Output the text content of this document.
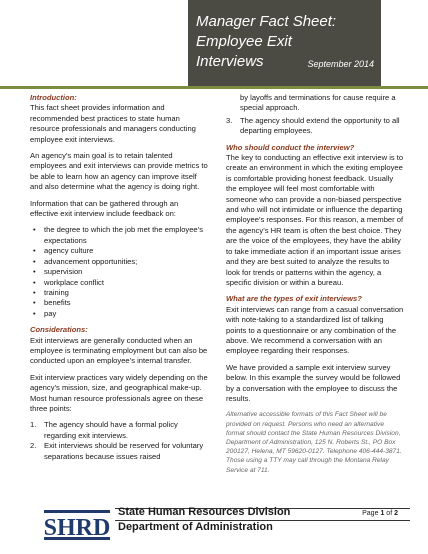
Manager Fact Sheet:
Employee Exit
Interviews	September 2014

Introduction:

This fact sheet provides information and recommended best practices to state human resource professionals and managers conducting employee exit interviews.

An agency’s main goal is to retain talented employees and exit interviews can provide metrics to be able to learn how an agency can improve itself and also determine what the agency is doing right.

Information that can be gathered through an effective exit interview include feedback on:

• the degree to which the job met the employee’s expectations
• agency culture
• advancement opportunities;
• supervision
• workplace conflict
• training
• benefits
• pay

Considerations:

Exit interviews are generally conducted when an employee is terminating employment but can also be conducted upon an employee’s internal transfer.

Exit interview practices vary widely depending on the agency’s mission, size, and geographical make-up. Most human resource professionals agree on these three points:

1. The agency should have a formal policy regarding exit interviews.
2. Exit interviews should be reserved for voluntary separations because issues raised

by layoffs and terminations for cause require a special approach.

3. The agency should extend the opportunity to all departing employees.

Who should conduct the interview?

The key to conducting an effective exit interview is to create an environment in which the exiting employee is comfortable providing honest feedback. Usually the employee will feel most comfortable with someone who can provide a non-biased perspective and who will not intimidate or influence the departing employee’s responses. For this reason, a member of the agency’s HR team is often the best choice. They are the voice of the employees, they have the ability to take immediate action if an important issue arises and they are best suited to analyze the results to look for trends or patterns within the agency, a specific division or within a bureau.

What are the types of exit interviews?

Exit interviews can range from a casual conversation with note-taking to a standardized list of talking points to a questionnaire or any combination of the above. We recommend a conversation with an employee regarding their responses.

We have provided a sample exit interview survey below. In this example the survey would be followed by a conversation with the employee to discuss the results.

Alternative accessible formats of this Fact Sheet will be provided on request. Persons who need an alternative format should contact the State Human Resources Division, Department of Administration, 125 N. Roberts St., PO Box 200127, Helena, MT 59620-0127. Telephone 406-444-3871. Those using a TTY may call through the Montana Relay Service at 711.

SHRD
State Human Resources Division
Department of Administration
Page 1 of 2
